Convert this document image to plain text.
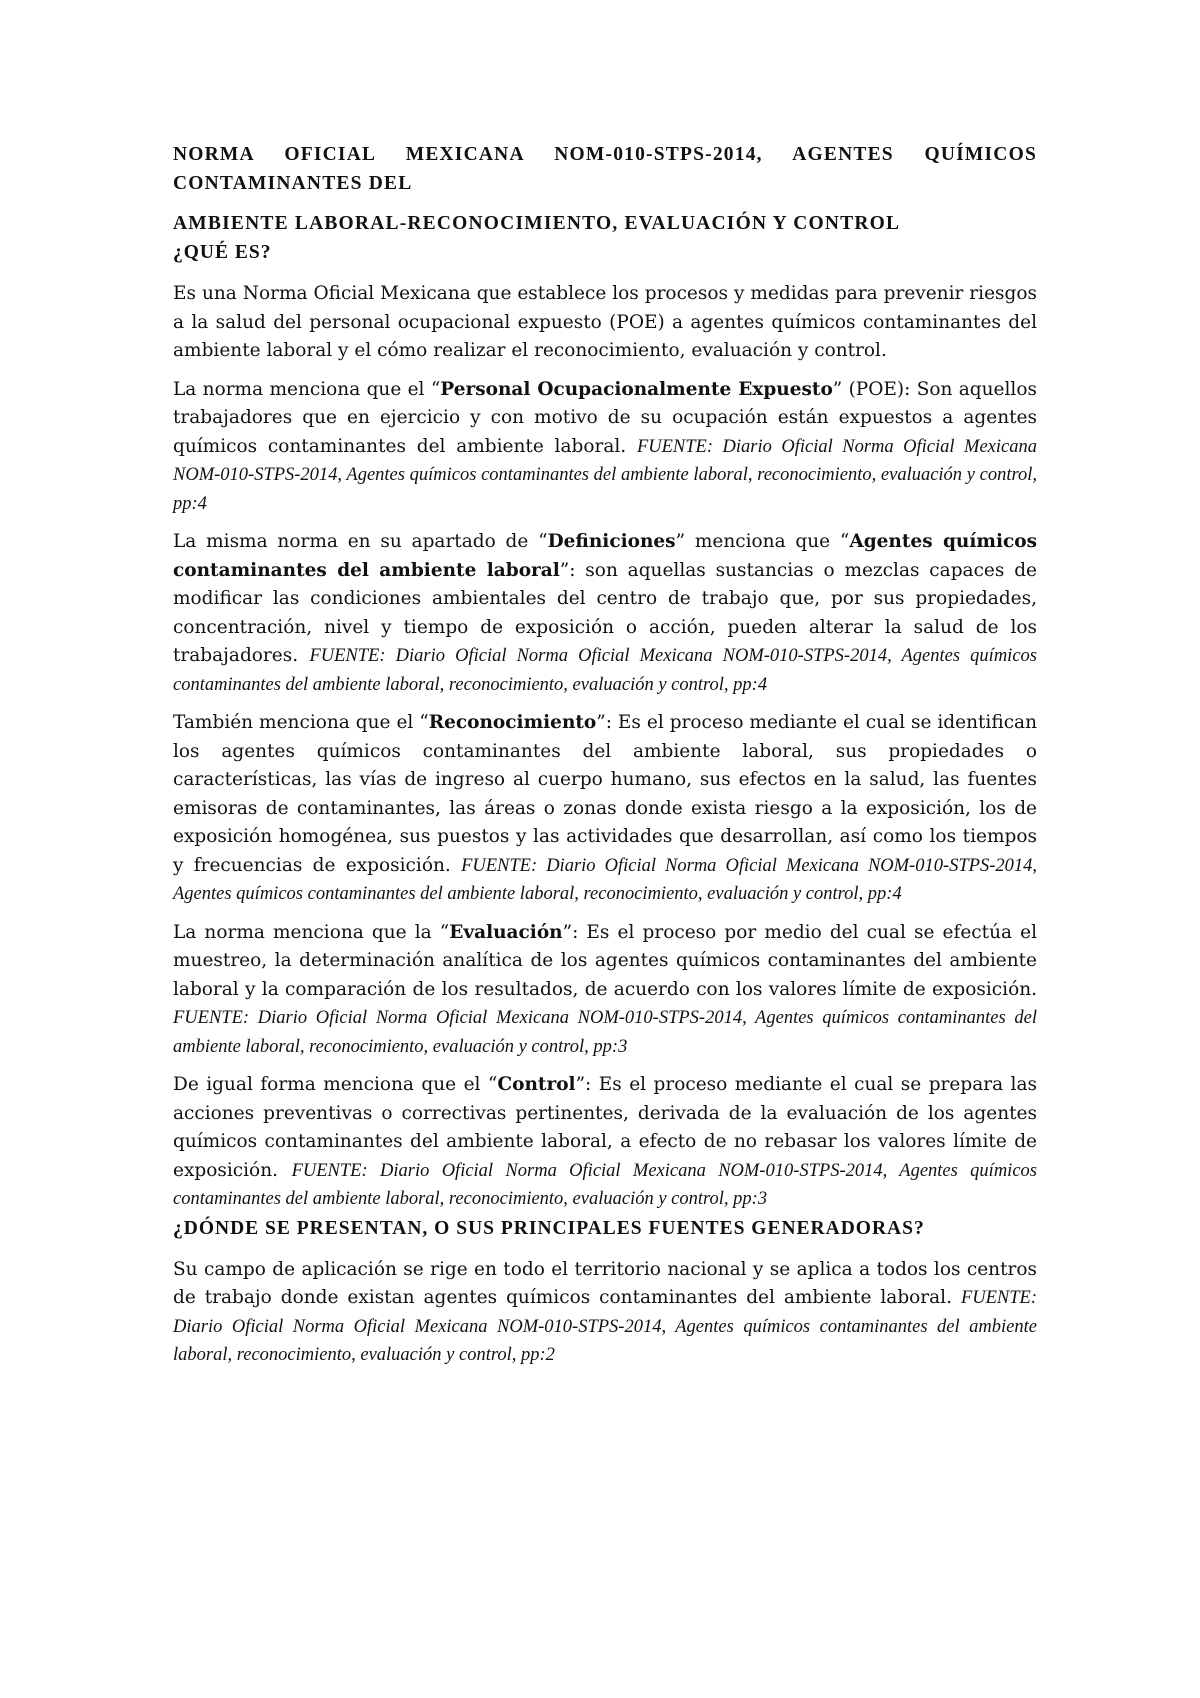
NORMA OFICIAL MEXICANA NOM-010-STPS-2014, AGENTES QUÍMICOS CONTAMINANTES DEL
AMBIENTE LABORAL-RECONOCIMIENTO, EVALUACIÓN Y CONTROL
¿QUÉ ES?

Es una Norma Oficial Mexicana que establece los procesos y medidas para prevenir riesgos a la salud del personal ocupacional expuesto (POE) a agentes químicos contaminantes del ambiente laboral y el cómo realizar el reconocimiento, evaluación y control.

La norma menciona que el “Personal Ocupacionalmente Expuesto” (POE): Son aquellos trabajadores que en ejercicio y con motivo de su ocupación están expuestos a agentes químicos contaminantes del ambiente laboral. FUENTE: Diario Oficial Norma Oficial Mexicana NOM-010-STPS-2014, Agentes químicos contaminantes del ambiente laboral, reconocimiento, evaluación y control, pp:4

La misma norma en su apartado de “Definiciones” menciona que “Agentes químicos contaminantes del ambiente laboral”: son aquellas sustancias o mezclas capaces de modificar las condiciones ambientales del centro de trabajo que, por sus propiedades, concentración, nivel y tiempo de exposición o acción, pueden alterar la salud de los trabajadores. FUENTE: Diario Oficial Norma Oficial Mexicana NOM-010-STPS-2014, Agentes químicos contaminantes del ambiente laboral, reconocimiento, evaluación y control, pp:4

También menciona que el “Reconocimiento”: Es el proceso mediante el cual se identifican los agentes químicos contaminantes del ambiente laboral, sus propiedades o características, las vías de ingreso al cuerpo humano, sus efectos en la salud, las fuentes emisoras de contaminantes, las áreas o zonas donde exista riesgo a la exposición, los de exposición homogénea, sus puestos y las actividades que desarrollan, así como los tiempos y frecuencias de exposición. FUENTE: Diario Oficial Norma Oficial Mexicana NOM-010-STPS-2014, Agentes químicos contaminantes del ambiente laboral, reconocimiento, evaluación y control, pp:4

La norma menciona que la “Evaluación”: Es el proceso por medio del cual se efectúa el muestreo, la determinación analítica de los agentes químicos contaminantes del ambiente laboral y la comparación de los resultados, de acuerdo con los valores límite de exposición. FUENTE: Diario Oficial Norma Oficial Mexicana NOM-010-STPS-2014, Agentes químicos contaminantes del ambiente laboral, reconocimiento, evaluación y control, pp:3

De igual forma menciona que el “Control”: Es el proceso mediante el cual se prepara las acciones preventivas o correctivas pertinentes, derivada de la evaluación de los agentes químicos contaminantes del ambiente laboral, a efecto de no rebasar los valores límite de exposición. FUENTE: Diario Oficial Norma Oficial Mexicana NOM-010-STPS-2014, Agentes químicos contaminantes del ambiente laboral, reconocimiento, evaluación y control, pp:3

¿DÓNDE SE PRESENTAN, O SUS PRINCIPALES FUENTES GENERADORAS?

Su campo de aplicación se rige en todo el territorio nacional y se aplica a todos los centros de trabajo donde existan agentes químicos contaminantes del ambiente laboral. FUENTE: Diario Oficial Norma Oficial Mexicana NOM-010-STPS-2014, Agentes químicos contaminantes del ambiente laboral, reconocimiento, evaluación y control, pp:2
